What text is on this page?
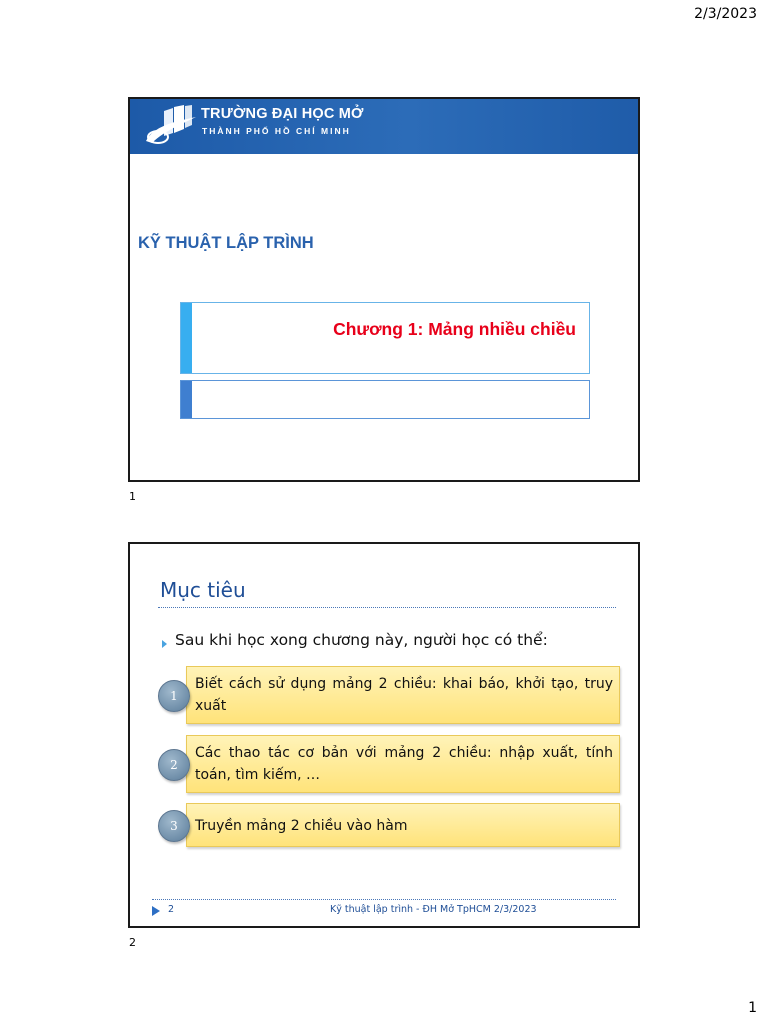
2/3/2023
TRƯỜNG ĐẠI HỌC MỞ
THÀNH PHỐ HỒ CHÍ MINH
KỸ THUẬT LẬP TRÌNH
Chương 1: Mảng nhiều chiều
1
Mục tiêu
Sau khi học xong chương này, người học có thể:
Biết cách sử dụng mảng 2 chiều: khai báo, khởi tạo, truy xuất
1
Các thao tác cơ bản với mảng 2 chiều: nhập xuất, tính toán, tìm kiếm, …
2
Truyền mảng 2 chiều vào hàm
3
2	Kỹ thuật lập trình - ĐH Mở TpHCM 2/3/2023
2
1
